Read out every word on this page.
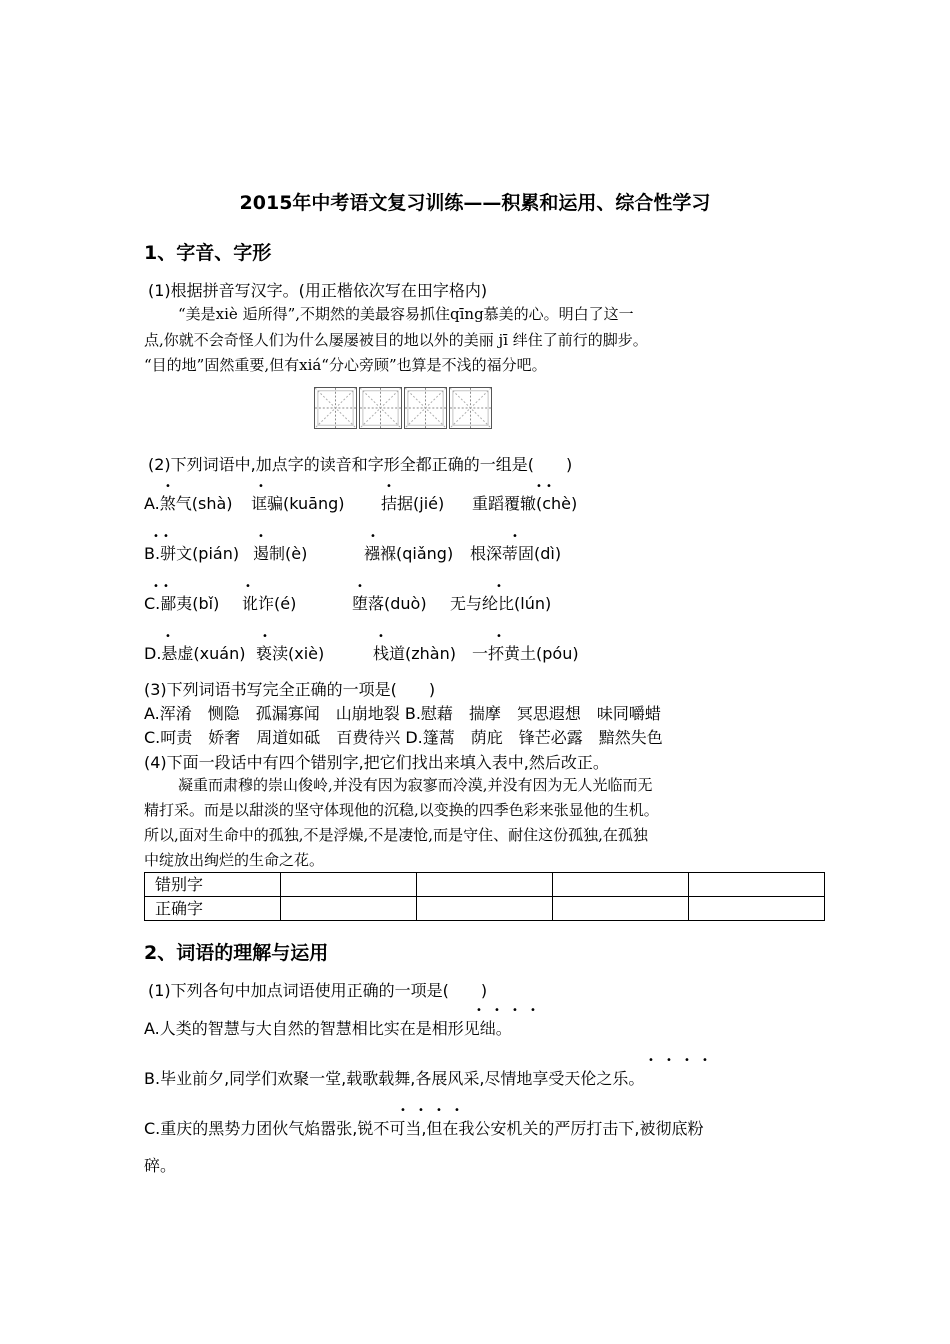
2015年中考语文复习训练——积累和运用、综合性学习
1、字音、字形
(1)根据拼音写汉字。(用正楷依次写在田字格内)
“美是xiè 逅所得”,不期然的美最容易抓住qīng慕美的心。明白了这一
点,你就不会奇怪人们为什么屡屡被目的地以外的美丽 jī 绊住了前行的脚步。
“目的地”固然重要,但有xiá“分心旁顾”也算是不浅的福分吧。
(2)下列词语中,加点字的读音和字形全都正确的一组是(　　)
•	•	•	• •
A.煞气(shà) 诓骗(kuāng) 拮据(jié) 重蹈覆辙(chè)
• •	•	•	•
B.骈文(pián) 遏制(è)	襁褓(qiǎng) 根深蒂固(dì)
• •	•	•	•
C.鄙夷(bǐ) 讹诈(é)	堕落(duò) 无与纶比(lún)
•	•	•	•
D.悬虚(xuán) 亵渎(xiè)	栈道(zhàn) 一抔黄土(póu)
(3)下列词语书写完全正确的一项是(　　)
A.浑淆　恻隐　孤漏寡闻　山崩地裂 B.慰藉　揣摩　冥思遐想　味同嚼蜡
C.呵责　娇奢　周道如砥　百费待兴 D.篷蒿　荫庇　锋芒必露　黯然失色
(4)下面一段话中有四个错别字,把它们找出来填入表中,然后改正。
凝重而肃穆的崇山俊岭,并没有因为寂寥而冷漠,并没有因为无人光临而无
精打采。而是以甜淡的坚守体现他的沉稳,以变换的四季色彩来张显他的生机。
所以,面对生命中的孤独,不是浮燥,不是凄怆,而是守住、耐住这份孤独,在孤独
中绽放出绚烂的生命之花。
错别字				
正确字				
2、词语的理解与运用
(1)下列各句中加点词语使用正确的一项是(　　)
• • • •
A.人类的智慧与大自然的智慧相比实在是相形见绌。
• • • •
B.毕业前夕,同学们欢聚一堂,载歌载舞,各展风采,尽情地享受天伦之乐。
• • • •
C.重庆的黑势力团伙气焰嚣张,锐不可当,但在我公安机关的严厉打击下,被彻底粉
碎。
